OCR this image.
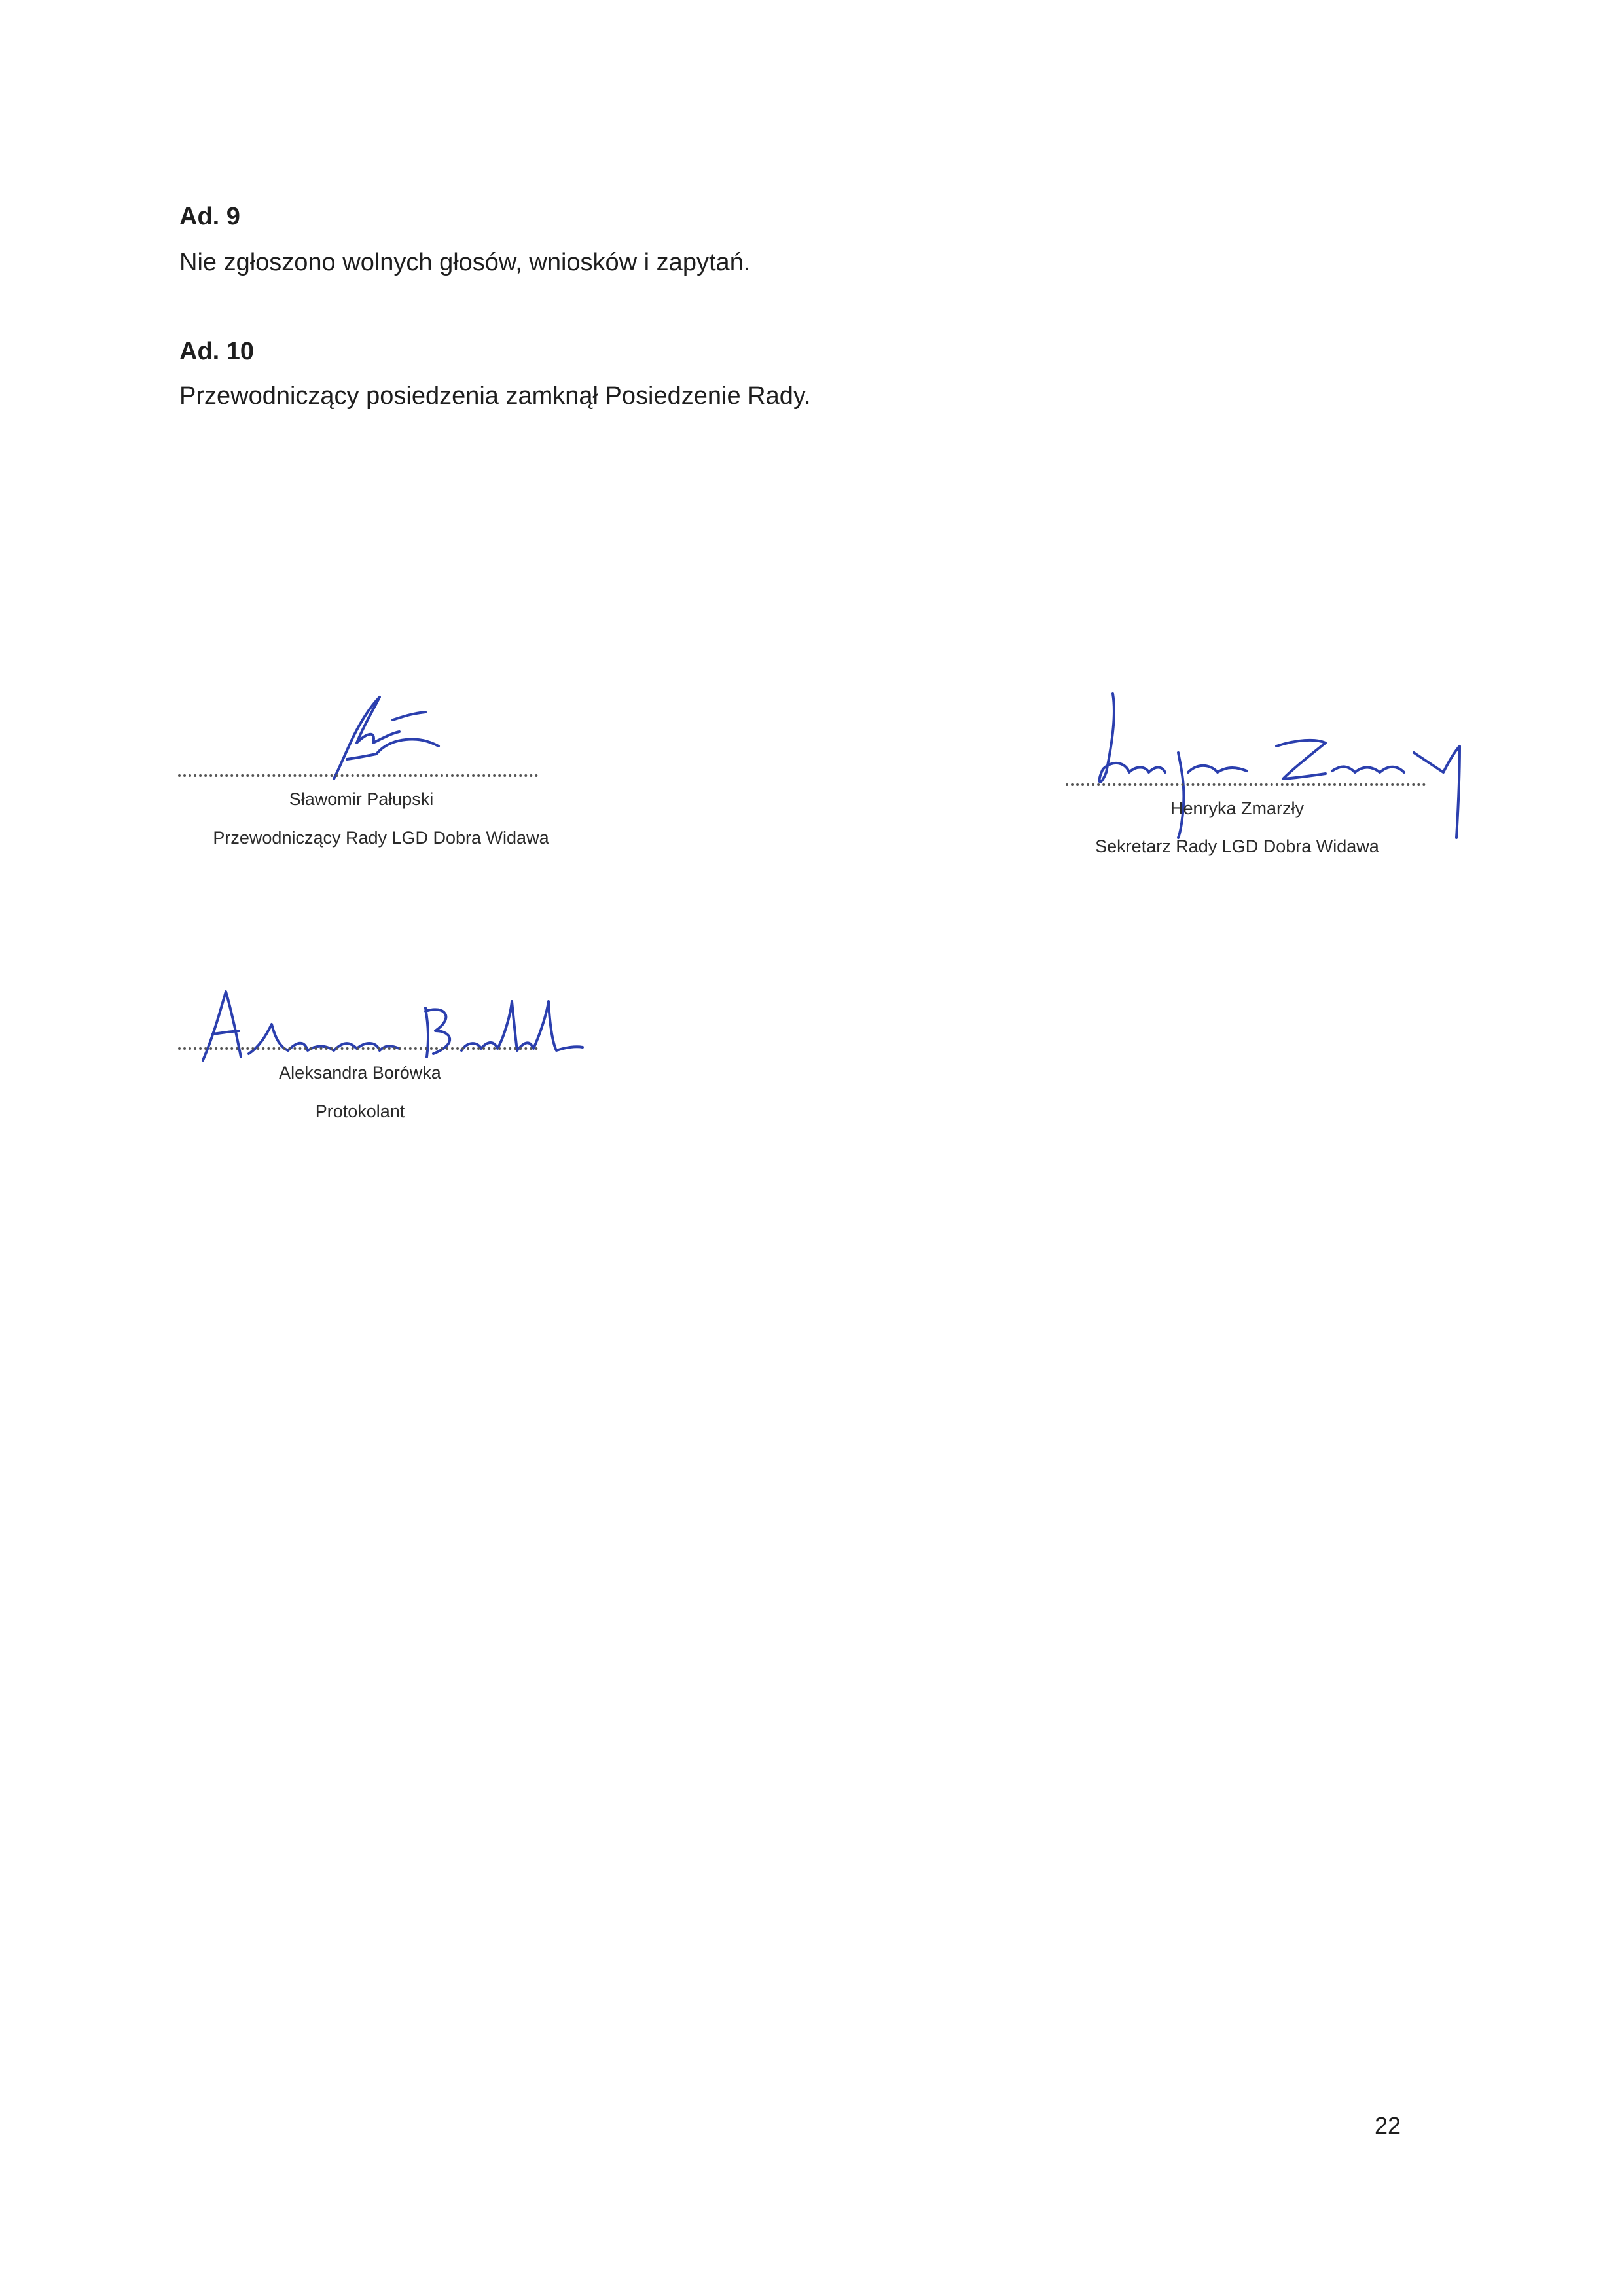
Ad. 9

Nie zgłoszono wolnych głosów, wniosków i zapytań.

Ad. 10

Przewodniczący posiedzenia zamknął Posiedzenie Rady.

Sławomir Pałupski
Przewodniczący Rady LGD Dobra Widawa
Henryka Zmarzły
Sekretarz Rady LGD Dobra Widawa
Aleksandra Borówka
Protokolant
22
